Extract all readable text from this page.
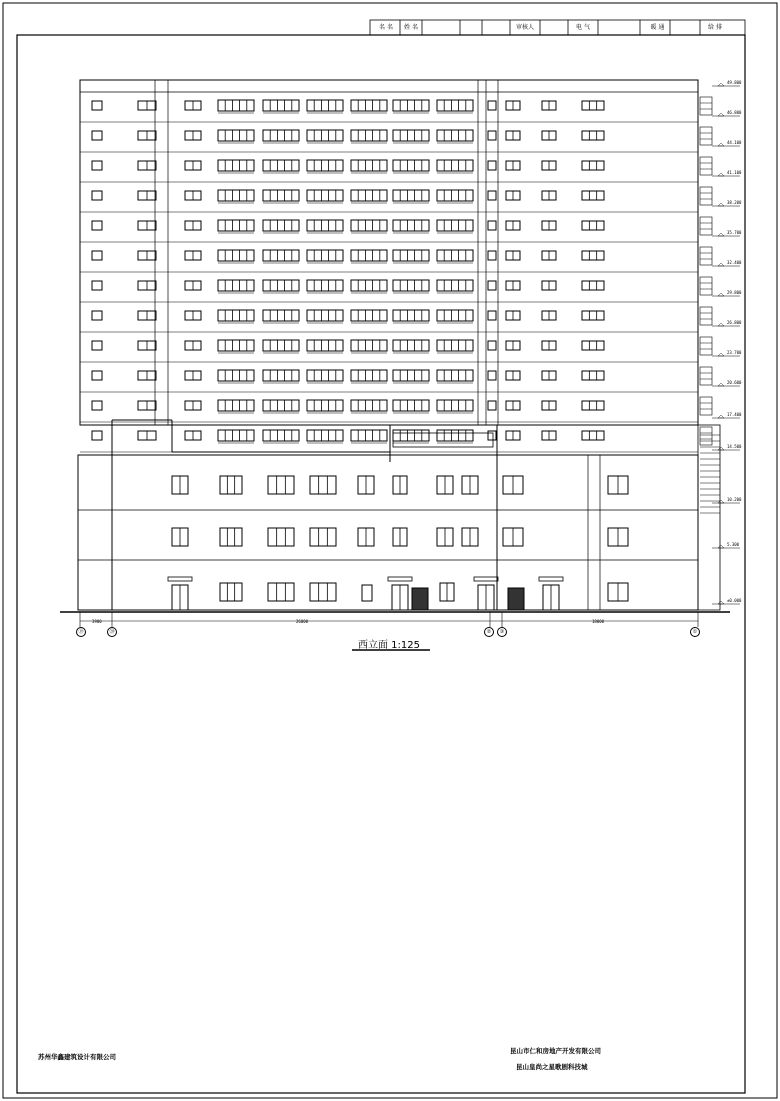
名 名	姓 名	审核人	电 气	暖 通	给 排
西立面 1:125
49.800
46.800
44.100
41.100
38.200
35.700
32.400
29.800
26.800
23.700
20.600
17.400
14.500
10.200
5.300
±0.000
3900	26000	18000
⑲	⑳	②	③	①
苏州华鑫建筑设计有限公司
昆山市仁和房地产开发有限公司
昆山皇尚之星歌剧科技城
